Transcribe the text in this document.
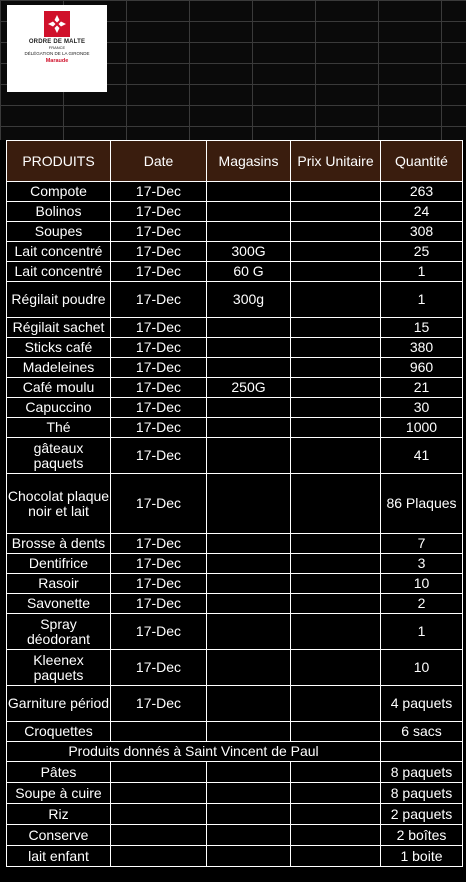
ORDRE DE MALTE
FRANCE
DÉLÉGATION DE LA GIRONDE
Maraude
PRODUITS	Date	Magasins	Prix Unitaire	Quantité
Compote	17-Dec			263
Bolinos	17-Dec			24
Soupes	17-Dec			308
Lait concentré	17-Dec	300G		25
Lait concentré	17-Dec	60 G		1
Régilait poudre	17-Dec	300g		1
Régilait sachet	17-Dec			15
Sticks café	17-Dec			380
Madeleines	17-Dec			960
Café moulu	17-Dec	250G		21
Capuccino	17-Dec			30
Thé	17-Dec			1000
gâteaux paquets	17-Dec			41
Chocolat plaque noir et lait	17-Dec			86 Plaques
Brosse à dents	17-Dec			7
Dentifrice	17-Dec			3
Rasoir	17-Dec			10
Savonette	17-Dec			2
Spray déodorant	17-Dec			1
Kleenex paquets	17-Dec			10
Garniture périod	17-Dec			4 paquets
Croquettes				6 sacs
Produits donnés à Saint Vincent de Paul				
Pâtes				8 paquets
Soupe à cuire				8 paquets
Riz				2 paquets
Conserve				2 boîtes
lait enfant				1 boite
